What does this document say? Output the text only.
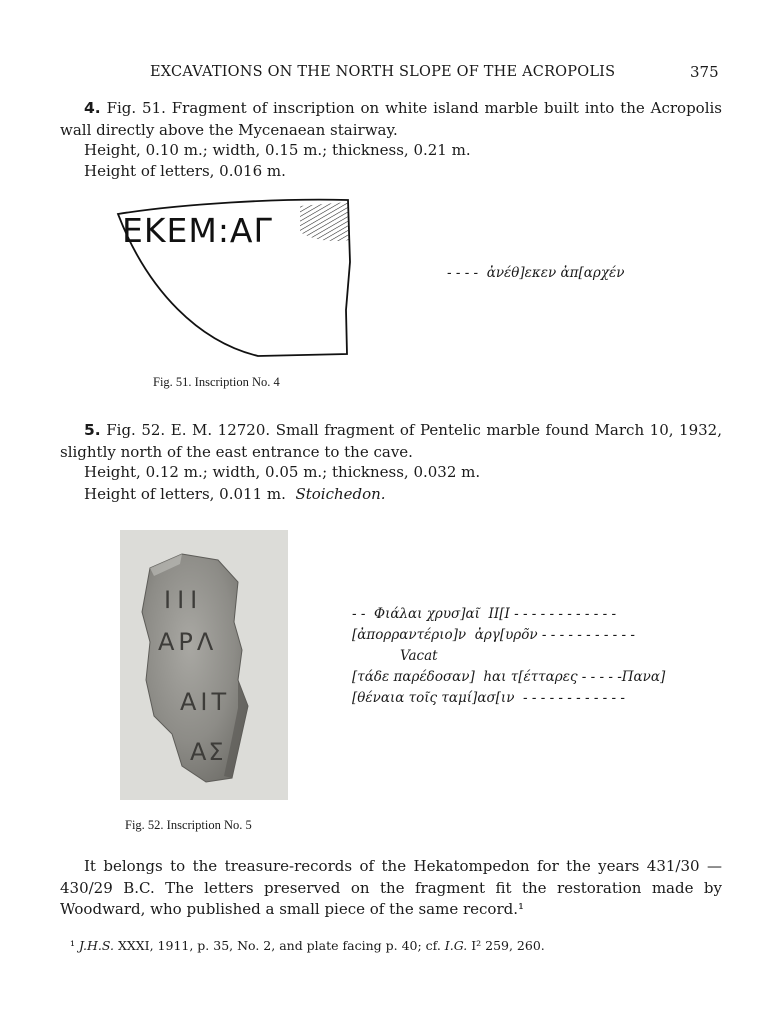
EXCAVATIONS ON THE NORTH SLOPE OF THE ACROPOLIS	375
4. Fig. 51. Fragment of inscription on white island marble built into the Acropolis wall directly above the Mycenaean stairway.
Height, 0.10 m.; width, 0.15 m.; thickness, 0.21 m.
Height of letters, 0.016 m.
ΕΚΕΜ:ΑΓ
- - - -  ἀνέθ]εκεν ἀπ[αρχέν
Fig. 51. Inscription No. 4
5. Fig. 52. E. M. 12720. Small fragment of Pentelic marble found March 10, 1932, slightly north of the east entrance to the cave.
Height, 0.12 m.; width, 0.05 m.; thickness, 0.032 m.
Height of letters, 0.011 m. Stoichedon.
ΙΙΙ
ΑΡΛ
ΑΙΤ
ΑΣ
- -  Φιάλαι χρυσ]αῖ  ΙΙ[Ι - - - - - - - - - - - -
[ἀπορραντέριο]ν  ἀργ[υρõν - - - - - - - - - - -
Vacat
[τάδε παρέδοσαν]  hαι τ[έτταρες - - - - -Πανα]
[θέναια τοῖς ταμί]ασ[ιν  - - - - - - - - - - - -
Fig. 52. Inscription No. 5
It belongs to the treasure-records of the Hekatompedon for the years 431/30 — 430/29 B.C. The letters preserved on the fragment fit the restoration made by Woodward, who published a small piece of the same record.¹
¹ J.H.S. XXXI, 1911, p. 35, No. 2, and plate facing p. 40; cf. I.G. I² 259, 260.
